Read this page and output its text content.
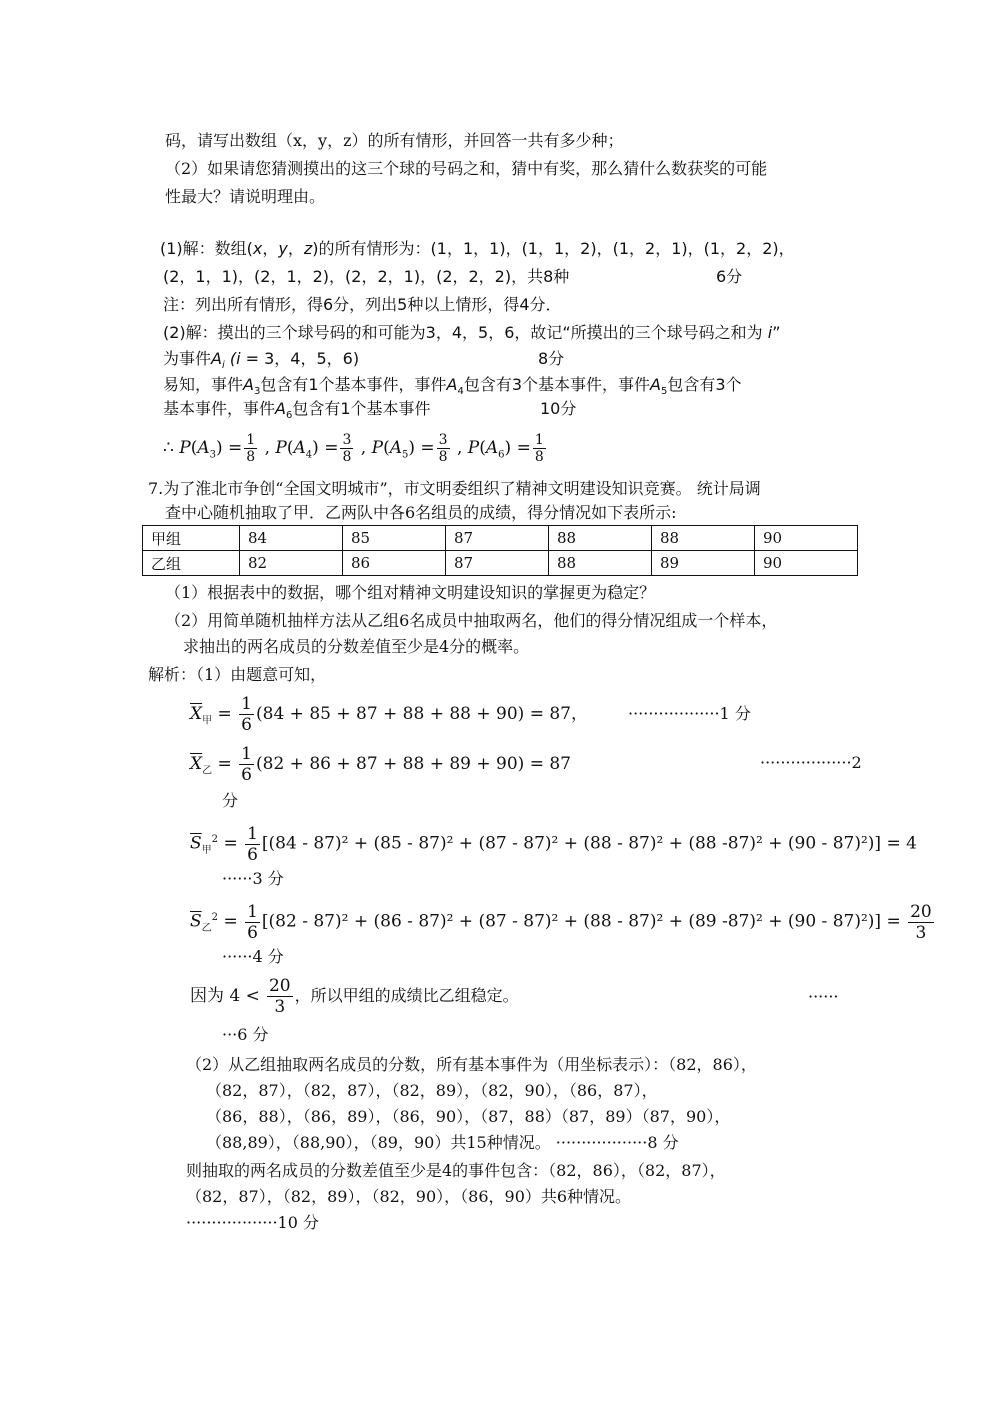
码，请写出数组（x，y，z）的所有情形，并回答一共有多少种；
（2）如果请您猜测摸出的这三个球的号码之和，猜中有奖，那么猜什么数获奖的可能
性最大？请说明理由。
(1)解：数组(x，y，z)的所有情形为：(1，1，1)，(1，1，2)，(1，2，1)，(1，2，2)，
(2，1，1)，(2，1，2)，(2，2，1)，(2，2，2)，共8种	6分
注：列出所有情形，得6分，列出5种以上情形，得4分．
(2)解：摸出的三个球号码的和可能为3，4，5，6，故记“所摸出的三个球号码之和为 i”
为事件$A_i$ (i = 3，4，5，6)	8分
易知，事件$A_3$包含有1个基本事件，事件$A_4$包含有3个基本事件，事件$A_5$包含有3个
基本事件，事件$A_6$包含有1个基本事件	10分
∴ $P(A_3) = \frac{1}{8}$ , $P(A_4) = \frac{3}{8}$ , $P(A_5) = \frac{3}{8}$ , $P(A_6) = \frac{1}{8}$
7.为了淮北市争创“全国文明城市”，市文明委组织了精神文明建设知识竞赛。 统计局调
查中心随机抽取了甲．乙两队中各6名组员的成绩，得分情况如下表所示:
甲组	84	85	87	88	88	90
乙组	82	86	87	88	89	90
（1）根据表中的数据，哪个组对精神文明建设知识的掌握更为稳定？
（2）用简单随机抽样方法从乙组6名成员中抽取两名，他们的得分情况组成一个样本，
求抽出的两名成员的分数差值至少是4分的概率。
解析：（1）由题意可知，
$\overline{X}_甲 = \frac{1}{6} (84 + 85 + 87 + 88 + 88 + 90) = 87$，	··················1 分
$\overline{X}_乙 = \frac{1}{6} (82 + 86 + 87 + 88 + 89 + 90) = 87$	··················2
分
$\overline{S}_甲^2 = \frac{1}{6} [(84 - 87)^2 + (85 - 87)^2 + (87 - 87)^2 + (88 - 87)^2 + (88$ -87)² + (90 - 87)²)] = 4
······3 分
$\overline{S}_乙^2 = \frac{1}{6} [(82 - 87)^2 + (86 - 87)^2 + (87 - 87)^2 + (88 - 87)^2 + (89$ $-87)^2 + (90 - 87)^2)] = \frac{20}{3}$
······4 分
因为 $4 < \frac{20}{3}$ ，所以甲组的成绩比乙组稳定。	······
···6 分
（2）从乙组抽取两名成员的分数，所有基本事件为（用坐标表示）：（82，86），
（82，87），（82，87），（82，89），（82，90），（86，87），
（86，88），（86，89），（86，90），（87，88）（87，89）（87，90），
（88,89），（88,90），（89，90）共15种情况。 ··················8 分
则抽取的两名成员的分数差值至少是4的事件包含：（82，86），（82，87），
（82，87），（82，89），（82，90），（86，90）共6种情况。
··················10 分
